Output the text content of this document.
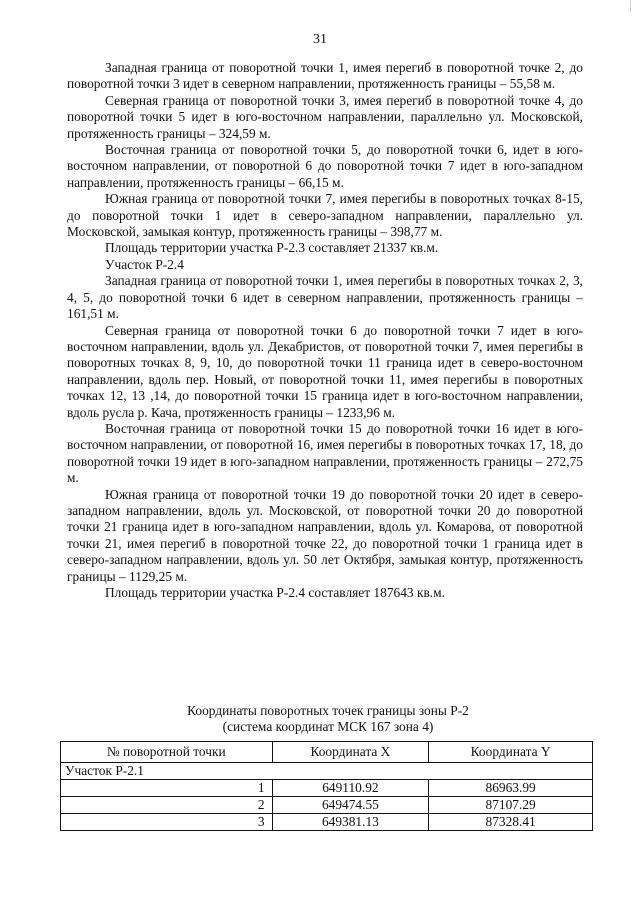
31

Западная граница от поворотной точки 1, имея перегиб в поворотной точке 2, до поворотной точки 3 идет в северном направлении, протяженность границы – 55,58 м.

Северная граница от поворотной точки 3, имея перегиб в поворотной точке 4, до поворотной точки 5 идет в юго-восточном направлении, параллельно ул. Московской, протяженность границы – 324,59 м.

Восточная граница от поворотной точки 5, до поворотной точки 6, идет в юго-восточном направлении, от поворотной 6 до поворотной точки 7 идет в юго-западном направлении, протяженность границы – 66,15 м.

Южная граница от поворотной точки 7, имея перегибы в поворотных точках 8-15, до поворотной точки 1 идет в северо-западном направлении, параллельно ул. Московской, замыкая контур, протяженность границы – 398,77 м.

Площадь территории участка Р-2.3 составляет 21337 кв.м.

Участок Р-2.4

Западная граница от поворотной точки 1, имея перегибы в поворотных точках 2, 3, 4, 5, до поворотной точки 6 идет в северном направлении, протяженность границы – 161,51 м.

Северная граница от поворотной точки 6 до поворотной точки 7 идет в юго-восточном направлении, вдоль ул. Декабристов, от поворотной точки 7, имея перегибы в поворотных точках 8, 9, 10, до поворотной точки 11 граница идет в северо-восточном направлении, вдоль пер. Новый, от поворотной точки 11, имея перегибы в поворотных точках 12, 13 ,14, до поворотной точки 15 граница идет в юго-восточном направлении, вдоль русла р. Кача, протяженность границы – 1233,96 м.

Восточная граница от поворотной точки 15 до поворотной точки 16 идет в юго-восточном направлении, от поворотной 16, имея перегибы в поворотных точках 17, 18, до поворотной точки 19 идет в юго-западном направлении, протяженность границы – 272,75 м.

Южная граница от поворотной точки 19 до поворотной точки 20 идет в северо-западном направлении, вдоль ул. Московской, от поворотной точки 20 до поворотной точки 21 граница идет в юго-западном направлении, вдоль ул. Комарова, от поворотной точки 21, имея перегиб в поворотной точке 22, до поворотной точки 1 граница идет в северо-западном направлении, вдоль ул. 50 лет Октября, замыкая контур, протяженность границы – 1129,25 м.

Площадь территории участка Р-2.4 составляет 187643 кв.м.

Координаты поворотных точек границы зоны Р-2
(система координат МСК 167 зона 4)
№ поворотной точки	Координата X	Координата Y
Участок Р-2.1		
1	649110.92	86963.99
2	649474.55	87107.29
3	649381.13	87328.41
